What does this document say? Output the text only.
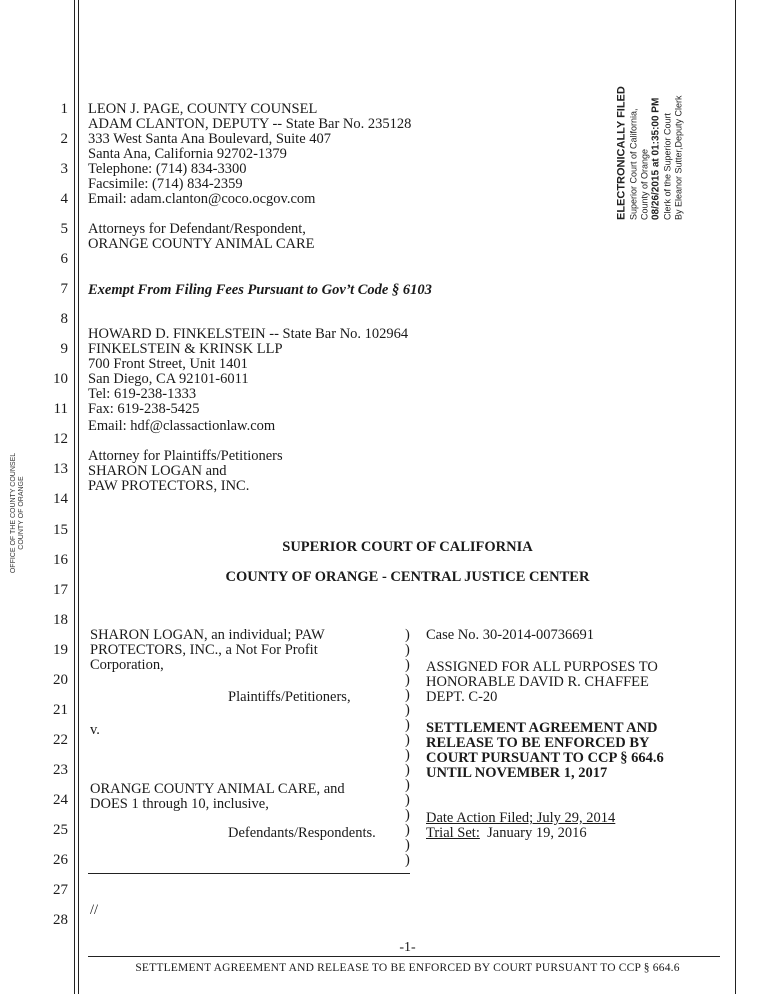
OFFICE OF THE COUNTY COUNSEL COUNTY OF ORANGE
ELECTRONICALLY FILED Superior Court of California, County of Orange 08/26/2015 at 01:35:00 PM Clerk of the Superior Court By Eleanor Sutter,Deputy Clerk
1
2
3
4
5
6
7
8
9
10
11
12
13
14
15
16
17
18
19
20
21
22
23
24
25
26
27
28
LEON J. PAGE, COUNTY COUNSEL
ADAM CLANTON, DEPUTY -- State Bar No. 235128
333 West Santa Ana Boulevard, Suite 407
Santa Ana, California 92702-1379
Telephone: (714) 834-3300
Facsimile: (714) 834-2359
Email: adam.clanton@coco.ocgov.com
Attorneys for Defendant/Respondent,
ORANGE COUNTY ANIMAL CARE
Exempt From Filing Fees Pursuant to Gov’t Code § 6103
HOWARD D. FINKELSTEIN -- State Bar No. 102964
FINKELSTEIN & KRINSK LLP
700 Front Street, Unit 1401
San Diego, CA 92101-6011
Tel: 619-238-1333
Fax: 619-238-5425
Email: hdf@classactionlaw.com
Attorney for Plaintiffs/Petitioners
SHARON LOGAN and
PAW PROTECTORS, INC.
SUPERIOR COURT OF CALIFORNIA
COUNTY OF ORANGE - CENTRAL JUSTICE CENTER
SHARON LOGAN, an individual; PAW
PROTECTORS, INC., a Not For Profit
Corporation,
Plaintiffs/Petitioners,
v.
ORANGE COUNTY ANIMAL CARE, and
DOES 1 through 10, inclusive,
Defendants/Respondents.
)
)
)
)
)
)
)
)
)
)
)
)
)
)
)
)
Case No. 30-2014-00736691
ASSIGNED FOR ALL PURPOSES TO
HONORABLE DAVID R. CHAFFEE
DEPT. C-20
SETTLEMENT AGREEMENT AND
RELEASE TO BE ENFORCED BY
COURT PURSUANT TO CCP § 664.6
UNTIL NOVEMBER 1, 2017
Date Action Filed; July 29, 2014
Trial Set: January 19, 2016
//
-1-
SETTLEMENT AGREEMENT AND RELEASE TO BE ENFORCED BY COURT PURSUANT TO CCP § 664.6
